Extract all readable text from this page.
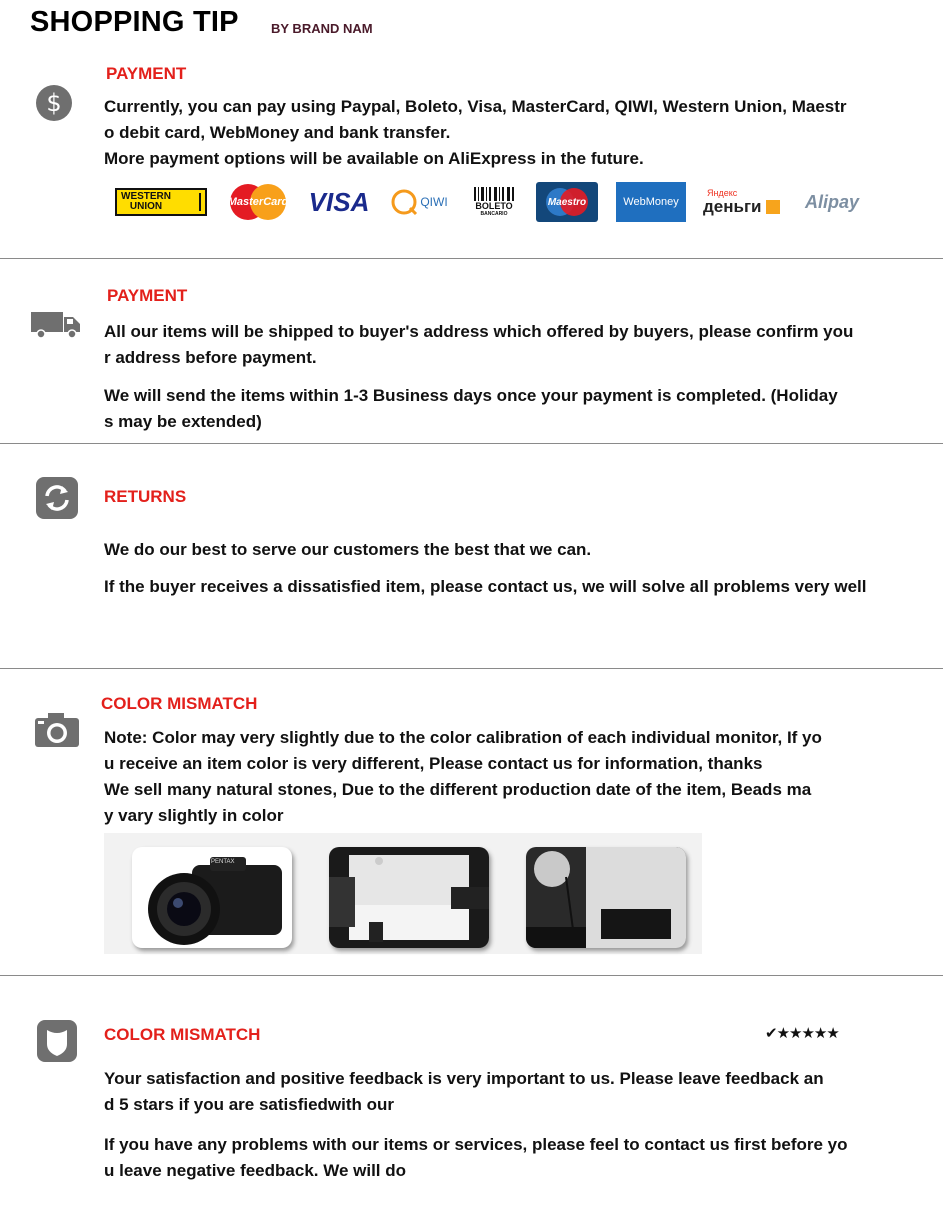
SHOPPING TIP BY BRAND NAM
$
PAYMENT
Currently, you can pay using Paypal, Boleto, Visa, MasterCard, QIWI, Western Union, Maestr
o debit card, WebMoney and bank transfer.
More payment options will be available on AliExpress in the future.
WESTERN
UNION	MasterCard VISA	QIWI	BOLETO
BANCARIO
Maestro	WebMoney
Яндекс
деньги	Alipay
PAYMENT
All our items will be shipped to buyer's address which offered by buyers, please confirm you
r address before payment.
We will send the items within 1-3 Business days once your payment is completed. (Holiday
s may be extended)
RETURNS
We do our best to serve our customers the best that we can.
If the buyer receives a dissatisfied item, please contact us, we will solve all problems very well
COLOR MISMATCH
Note: Color may very slightly due to the color calibration of each individual monitor, If yo
u receive an item color is very different, Please contact us for information, thanks
We sell many natural stones, Due to the different production date of the item, Beads ma
y vary slightly in color
PENTAX
COLOR MISMATCH	✔★★★★★
Your satisfaction and positive feedback is very important to us. Please leave feedback an
d 5 stars if you are satisfiedwith our
If you have any problems with our items or services, please feel to contact us first before yo
u leave negative feedback. We will do
